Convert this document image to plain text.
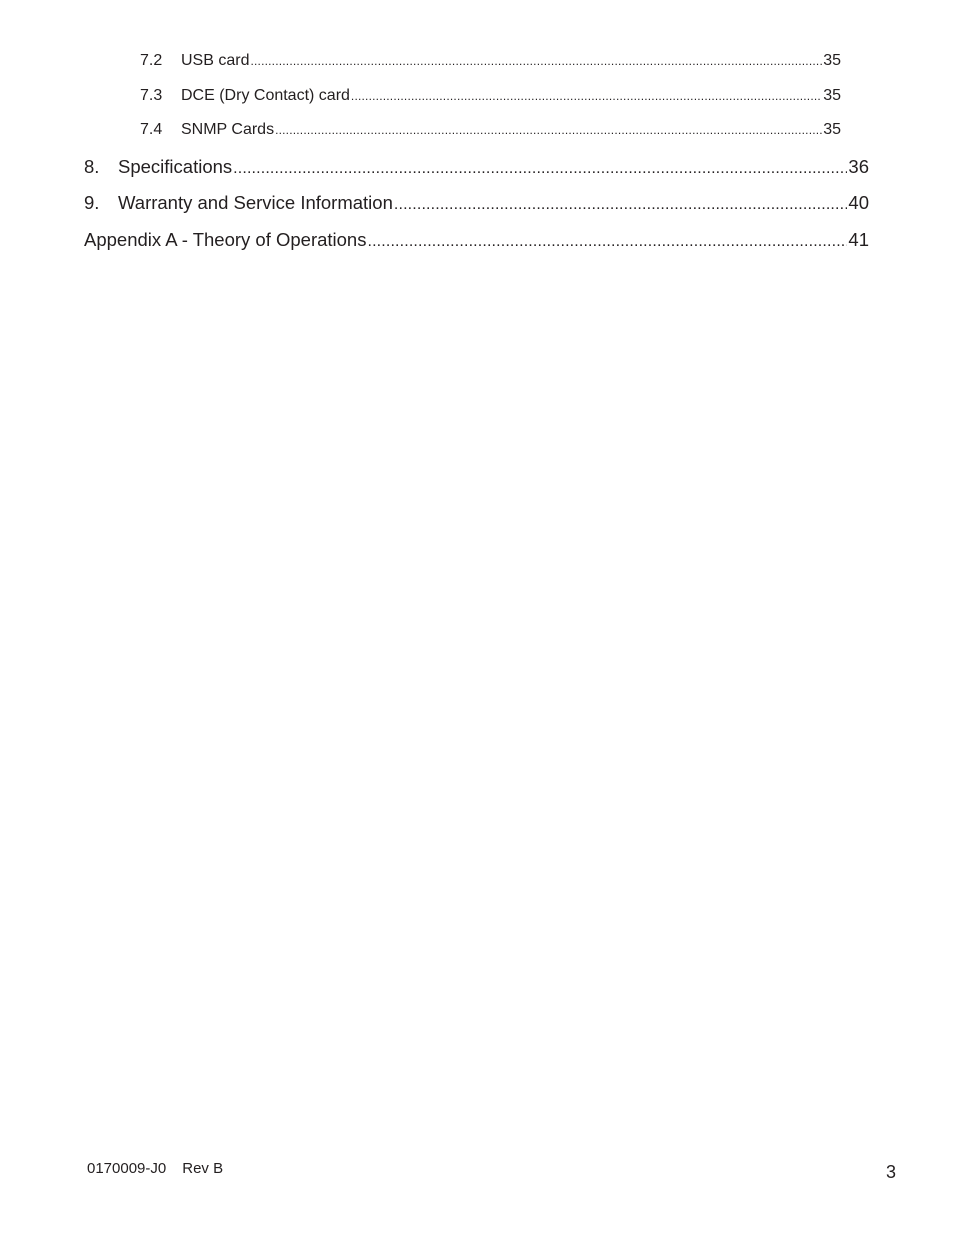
7.2	USB card .....	35
7.3	DCE (Dry Contact) card .....	35
7.4	SNMP Cards .....	35
8.	Specifications .....	36
9.	Warranty and Service Information .....	40
Appendix A - Theory of Operations .....	41
0170009-J0 Rev B	3
